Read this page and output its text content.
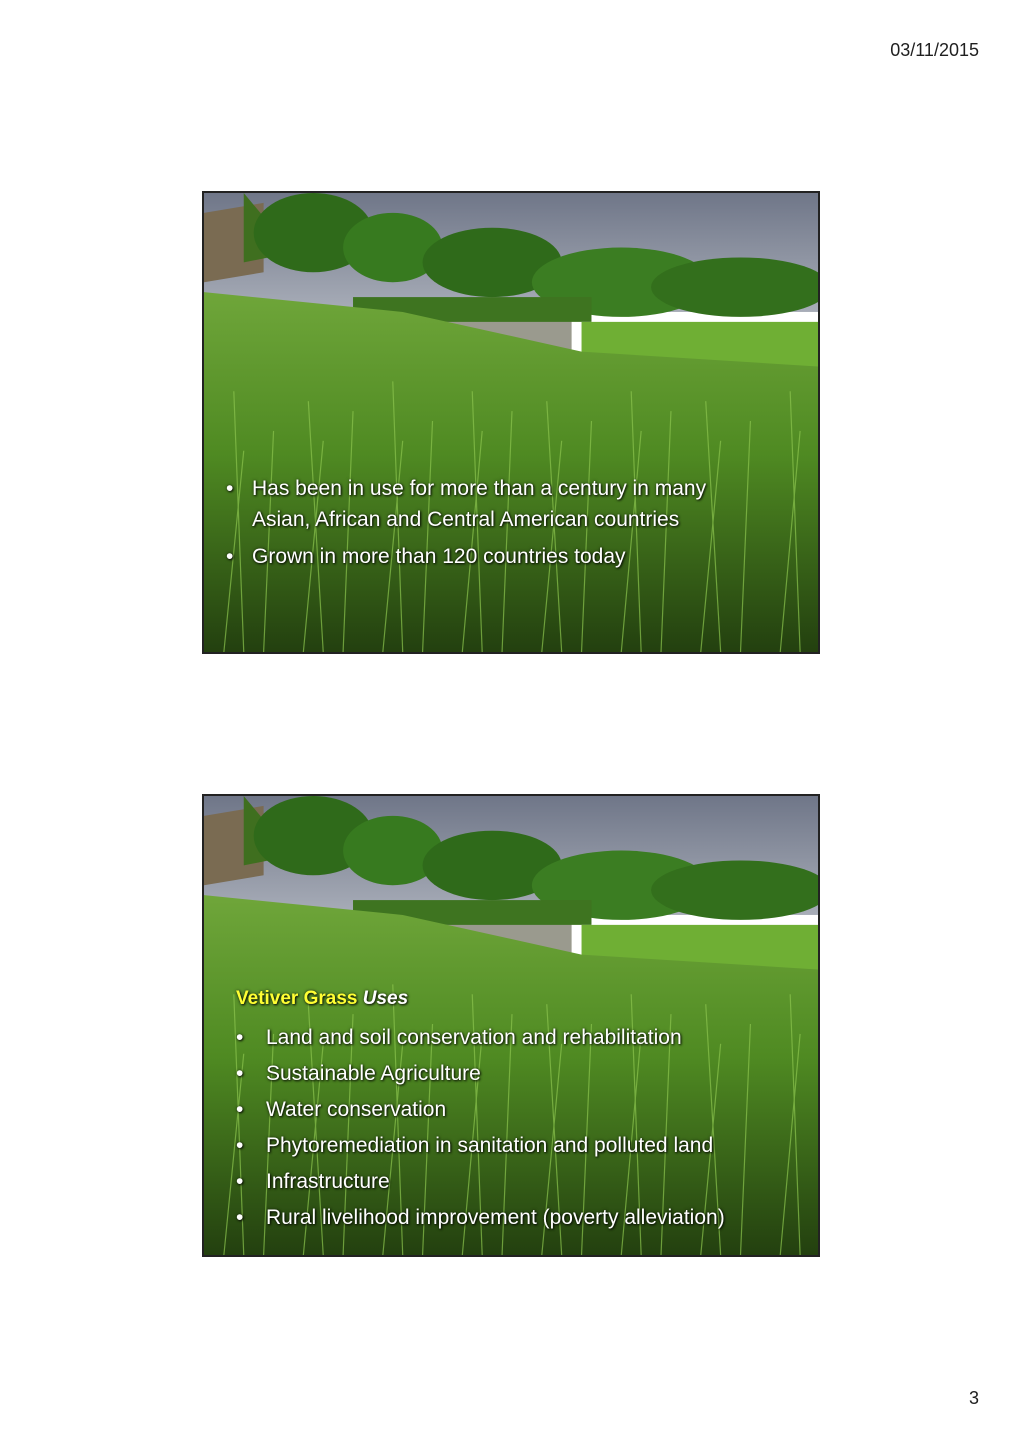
03/11/2015
• Has been in use for more than a century in many
Asian, African and Central American countries
• Grown in more than 120 countries today
Vetiver Grass Uses
•	Land and soil conservation and rehabilitation
•	Sustainable Agriculture
•	Water conservation
•	Phytoremediation in sanitation and polluted land
•	Infrastructure
•	Rural livelihood improvement (poverty alleviation)
3
